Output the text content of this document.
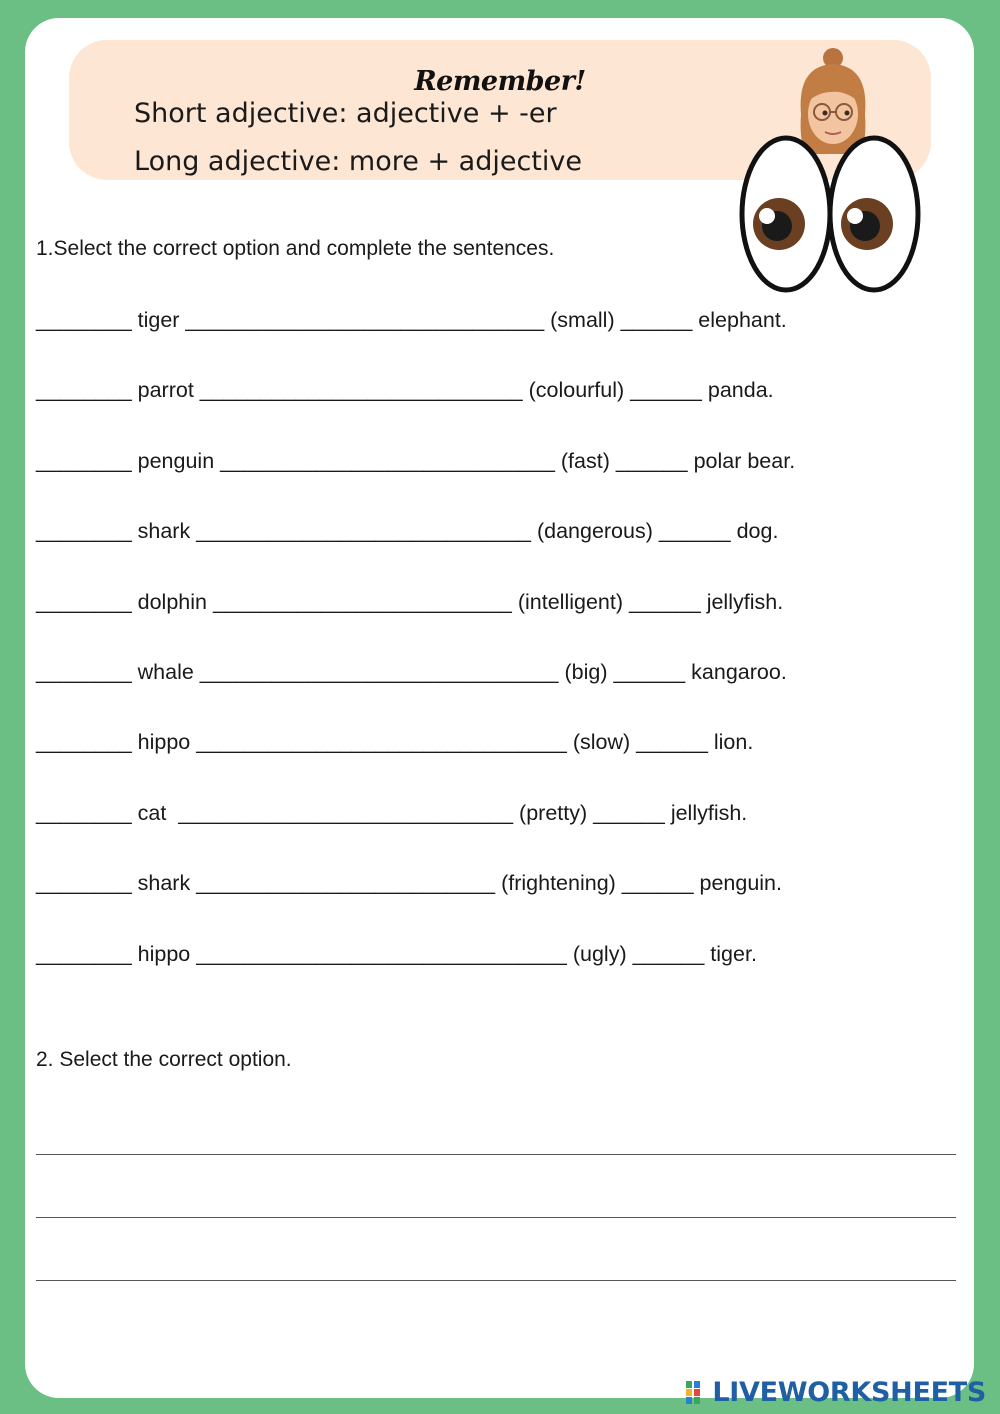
Remember!
Short adjective: adjective + -er
Long adjective: more + adjective
1.Select the correct option and complete the sentences.
________ tiger ______________________________ (small) ______ elephant.
________ parrot ___________________________ (colourful) ______ panda.
________ penguin ____________________________ (fast) ______ polar bear.
________ shark ____________________________ (dangerous) ______ dog.
________ dolphin _________________________ (intelligent) ______ jellyfish.
________ whale ______________________________ (big) ______ kangaroo.
________ hippo _______________________________ (slow) ______ lion.
________ cat  ____________________________ (pretty) ______ jellyfish.
________ shark _________________________ (frightening) ______ penguin.
________ hippo _______________________________ (ugly) ______ tiger.
2. Select the correct option.
LIVEWORKSHEETS
